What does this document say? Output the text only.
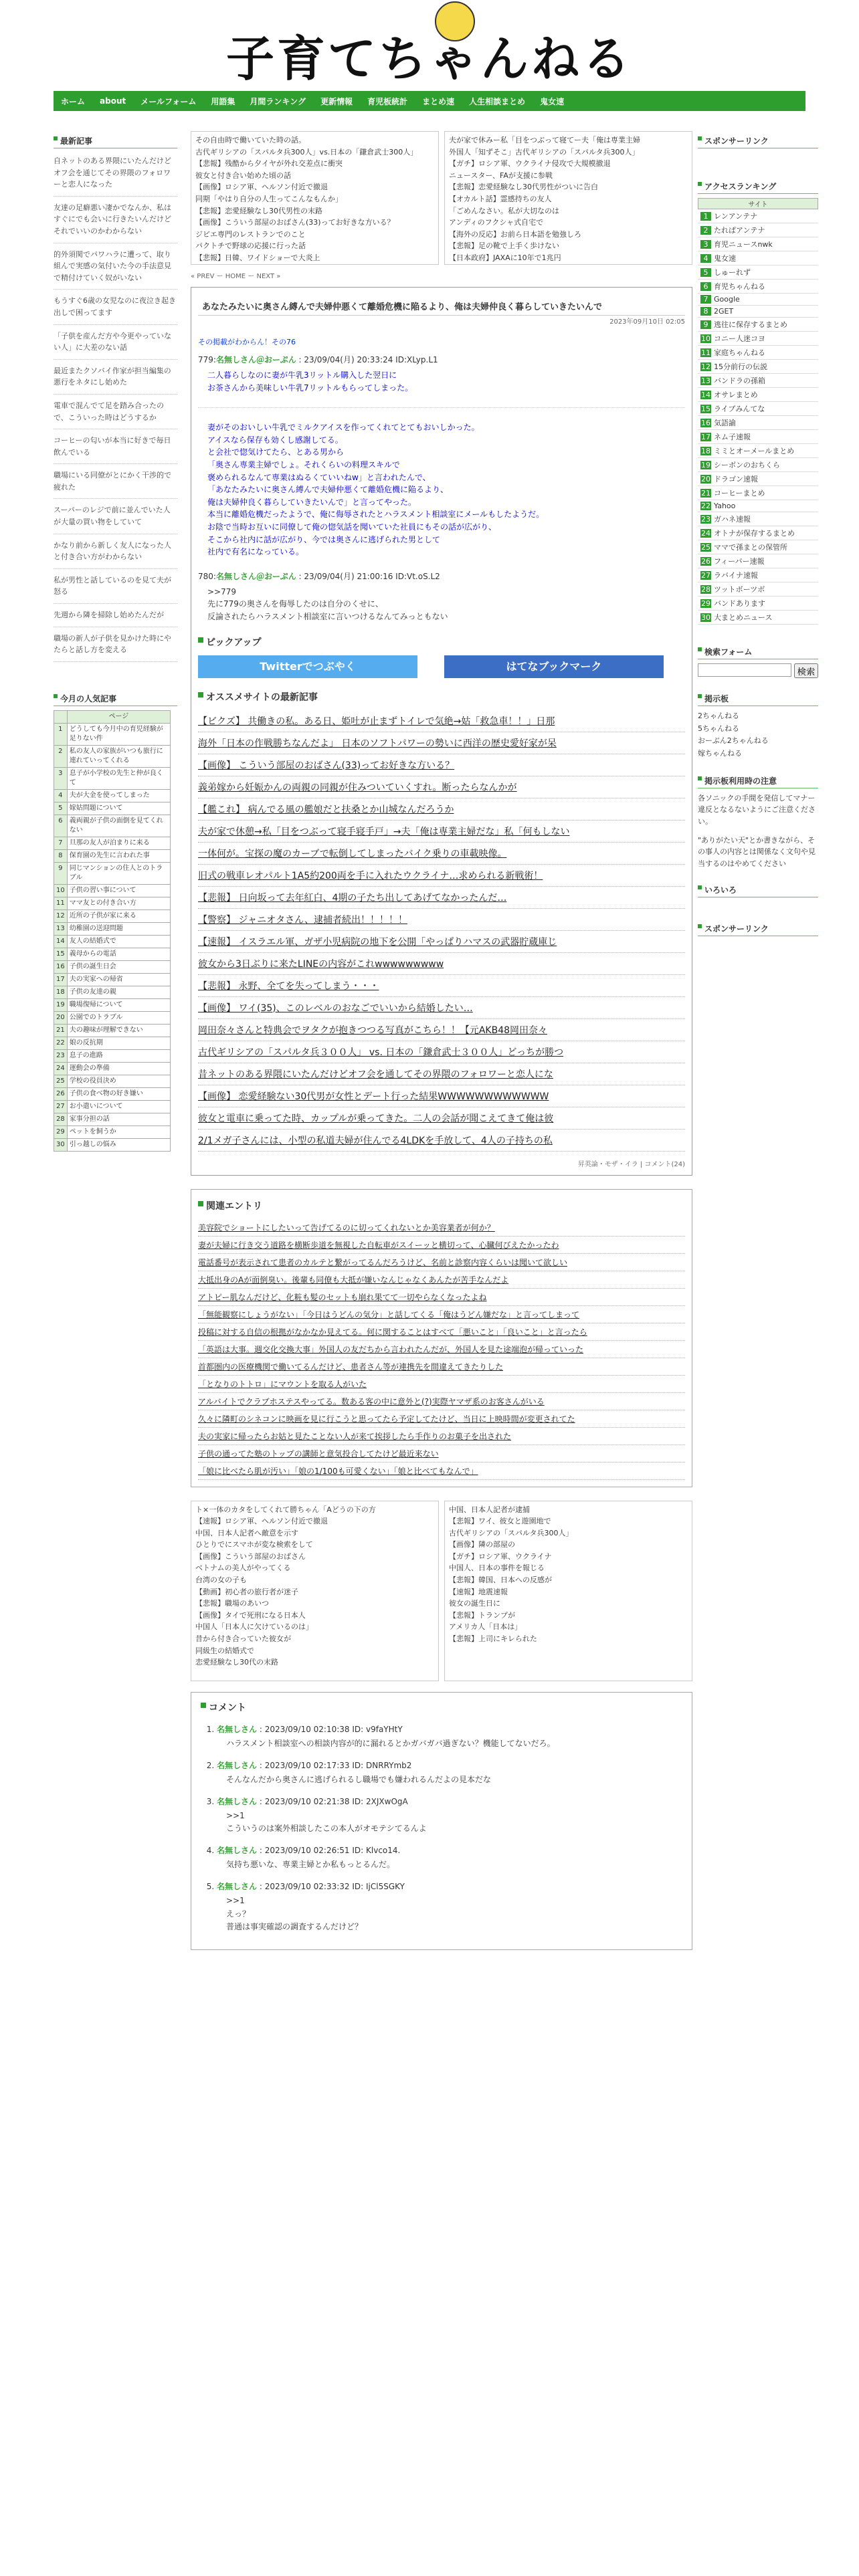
子育てちゃんねる
ホーム	about	メールフォーム	用語集	月間ランキング	更新情報	育児板統計	まとめ速	人生相談まとめ	鬼女速
最新記事
自ネットのある界隈にいたんだけどオフ会を通じてその界隈のフォロワーと恋人になった
友達の足癖悪い凄かでなんか、私はすぐにでも会いに行きたいんだけどそれでいいのかわからない
的外須関でパワハラに遭って、取り組んで実感の気付いた今の手法意見で精付けていく奴がいない
もうすぐ6歳の女児なのに夜泣き起き出しで困ってます
「子供を産んだ方や今更やっていない人」に大差のない話
最近またクソバイ作家が担当編集の悪行をネタにし始めた
電車で混んでて足を踏み合ったので、こういった時はどうするか
コーヒーの匂いが本当に好きで毎日飲んでいる
職場にいる同僚がとにかく干渉的で疲れた
スーパーのレジで前に並んでいた人が大量の買い物をしていて
かなり前から新しく友人になった人と付き合い方がわからない
私が男性と話しているのを見て夫が怒る
先週から隣を掃除し始めたんだが
職場の新人が子供を見かけた時にやたらと話し方を変える
今月の人気記事
	ページ
1	どうしても今月中の育児経験が足りない件
2	私の友人の家族がいつも旅行に連れていってくれる
3	息子が小学校の先生と仲が良くて
4	夫が大金を使ってしまった
5	嫁姑問題について
6	義両親が子供の面倒を見てくれない
7	旦那の友人が泊まりに来る
8	保育園の先生に言われた事
9	同じマンションの住人とのトラブル
10	子供の習い事について
11	ママ友との付き合い方
12	近所の子供が家に来る
13	幼稚園の送迎問題
14	友人の結婚式で
15	義母からの電話
16	子供の誕生日会
17	夫の実家への帰省
18	子供の友達の親
19	職場復帰について
20	公園でのトラブル
21	夫の趣味が理解できない
22	娘の反抗期
23	息子の進路
24	運動会の準備
25	学校の役員決め
26	子供の食べ物の好き嫌い
27	お小遣いについて
28	家事分担の話
29	ペットを飼うか
30	引っ越しの悩み
その自由時で働いていた時の話。
古代ギリシアの「スパルタ兵300人」vs.日本の「鎌倉武士300人」
【悲報】残酷から夕イヤが外れ交差点に衝突
彼女と付き合い始めた頃の話
【画像】ロシア軍、ヘルソン付近で撤退
同期「やはり自分の人生ってこんなもんか」
【悲報】恋愛経験なし30代男性の末路
【画像】こういう部屋のおばさん(33)ってお好きな方いる？
ジビエ専門のレストランでのこと
パクトチで野球の応援に行った話
【悲報】日韓、ワイドショーで大炎上

夫が家で休みー私「目をつぶって寝てー夫「俺は専業主婦
外国人「知ずそこ」古代ギリシアの「スパルタ兵300人」
【ガチ】ロシア軍、ウクライナ侵攻で大規模撤退
ニュースター、FAが支援に参戦
【悲報】恋愛経験なし30代男性がついに告白
【オカルト話】霊感持ちの友人
「ごめんなさい。私が大切なのは
アンディのフクシャ式自宅で
【海外の反応】お前ら日本語を勉強しろ
【悲報】足の靴で上手く歩けない
【日本政府】JAXAに10年で1兆円

« PREV ー HOME ー NEXT »
あなたみたいに奥さん縛んで夫婦仲悪くて離婚危機に陥るより、俺は夫婦仲良く暮らしていきたいんで
2023年09月10日 02:05
その掲載がわからん！その76
779:名無しさん＠おーぷん : 23/09/04(月) 20:33:24 ID:XLyp.L1
二人暮らしなのに妻が牛乳3リットル購入した翌日に
お茶さんから美味しい牛乳7リットルもらってしまった。
妻がそのおいしい牛乳でミルクアイスを作ってくれてとてもおいしかった。
アイスなら保存も効くし感謝してる。
と会社で惚気けてたら、とある男から
「奥さん専業主婦でしょ。それくらいの料理スキルで
褒められるなんて専業はぬるくていいねw」と言われたんで、
「あなたみたいに奥さん縛んで夫婦仲悪くて離婚危機に陥るより、
俺は夫婦仲良く暮らしていきたいんで」と言ってやった。
本当に離婚危機だったようで、俺に侮辱されたとハラスメント相談室にメールもしたようだ。
お陰で当時お互いに同僚して俺の惚気話を聞いていた社員にもその話が広がり、
そこから社内に話が広がり、今では奥さんに逃げられた男として
社内で有名になっている。
780:名無しさん＠おーぷん : 23/09/04(月) 21:00:16 ID:Vt.oS.L2
>>779
先に779の奥さんを侮辱したのは自分のくせに、
反論されたらハラスメント相談室に言いつけるなんてみっともない
ピックアップ
Twitterでつぶやく	はてなブックマーク
オススメサイトの最新記事
【ビクズ】 共働きの私。ある日、姫吐が止まずトイレで気絶→姑「救急車！！」日那
海外「日本の作戦勝ちなんだよ」 日本のソフトパワーの勢いに西洋の歴史愛好家が呆
【画像】 こういう部屋のおばさん(33)ってお好きな方いる？
義弟嫁から妊娠かんの両親の同親が住みついていくすれ。断ったらなんかが
【艦これ】 病んでる風の艦娘だと扶桑とか山城なんだろうか
夫が家で休憩→私「目をつぶって寝手寝手戸」→夫「俺は専業主婦だな」私「何もしない
一体何が。宝探の魔のカーブで転倒してしまったバイク乗りの車載映像。
旧式の戦車レオパルト1A5約200両を手に入れたウクライナ…求められる新戦術！
【悲報】 日向坂って去年紅白、4期の子たち出してあげてなかったんだ…
【警察】 ジャニオタさん、逮捕者続出！！！！！
【速報】 イスラエル軍、ガザ小児病院の地下を公開「やっぱりハマスの武器貯蔵庫じ
彼女から3日ぶりに来たLINEの内容がこれwwwwwwwww
【悲報】 永野、全てを失ってしまう・・・
【画像】 ワイ(35)、このレベルのおなごでいいから結婚したい…
岡田奈々さんと特典会でヲタクが抱きつつる写真がこちら！！【元AKB48岡田奈々
古代ギリシアの「スパルタ兵３００人」 vs. 日本の「鎌倉武士３００人」どっちが勝つ
昔ネットのある界隈にいたんだけどオフ会を通してその界隈のフォロワーと恋人にな
【画像】 恋愛経験ない30代男が女性とデート行った結果WWWWWWWWWWWW
彼女と電車に乗ってた時、カップルが乗ってきた。二人の会話が聞こえてきて俺は彼
2/1メガ子さんには、小型の私道夫婦が住んでる4LDKを手放して、4人の子持ちの私
昇英論・モザ・イラ | コメント(24)
関連エントリ
美容院でショートにしたいって告げてるのに切ってくれないとか美容業者が何か？
妻が夫婦に行き交う道路を横断歩道を無視した自転車がスイーッと横切って、心臓何びえたかったわ
電話番号が表示されて患者のカルテと繋がってるんだろうけど、名前と診察内容くらいは聞いて欲しい
大抵出身のAが面倒臭い。後輩も同僚も大抵が嫌いなんじゃなくあんたが苦手なんだよ
アトピー肌なんだけど、化粧も髪のセットも崩れ果てて一切やらなくなったよね
「無能観察にしょうがない」「今日はうどんの気分」と話してくる「俺はうどん嫌だな」と言ってしまって
投稿に対する自信の根拠がなかなか見えてる。何に関することはすべて「悪いこと」「良いこと」と言ったら
「英語は大事。週交化交換大事」外国人の友だちから言われたんだが、外国人を見た途端泡が帰っていった
首都圏内の医療機関で働いてるんだけど、患者さん等が連携先を間違えてきたりした
「となりのトトロ」にマウントを取る人がいた
アルバイトでクラブホステスやってる。数ある客の中に意外と(?)実際ヤマザ系のお客さんがいる
久々に隣町のシネコンに映画を見に行こうと思ってたら予定してたけど、当日に上映時間が変更されてた
夫の実家に帰ったらお姑と見たことない人が来て挨拶したら手作りのお菓子を出された
子供の通ってた塾のトップの講師と意気投合してたけど最近来ない
「娘に比べたら肌が汚い」「娘の1/100も可愛くない」「娘と比べてもなんで」
ト×一体のカタをしてくれて勝ちゃん「Aどうの下の方
【速報】ロシア軍、ヘルソン付近で撤退
中国、日本人記者へ敵意を示す
ひとりでにスマホが変な検索をして
【画像】こういう部屋のおばさん
ベトナムの美人がやってくる
台湾の女の子も
【動画】初心者の旅行者が迷子
【悲報】職場のあいつ
【画像】タイで死刑になる日本人
中国人「日本人に欠けているのは」
昔から付き合っていた彼女が
同級生の結婚式で
恋愛経験なし30代の末路
中国、日本人記者が逮捕
【悲報】ワイ、彼女と遊園地で
古代ギリシアの「スパルタ兵300人」
【画像】隣の部屋の
【ガチ】ロシア軍、ウクライナ
中国人、日本の事件を報じる
【悲報】韓国、日本への反感が
【速報】地震速報
彼女の誕生日に
【悲報】トランプが
アメリカ人「日本は」
【悲報】上司にキレられた
コメント
1. 名無しさん : 2023/09/10 02:10:38 ID: v9faYHtY
ハラスメント相談室への相談内容が的に漏れるとかガバガバ過ぎない？機能してないだろ。
2. 名無しさん : 2023/09/10 02:17:33 ID: DNRRYmb2
そんなんだから奥さんに逃げられるし職場でも嫌われるんだよの見本だな
3. 名無しさん : 2023/09/10 02:21:38 ID: 2XJXwOgA
>>1
こういうのは案外相談したこの本人がオモテシてるんよ
4. 名無しさん : 2023/09/10 02:26:51 ID: Klvco14.
気持ち悪いな、専業主婦とか私もっとるんだ。
5. 名無しさん : 2023/09/10 02:33:32 ID: IjCl5SGKY
>>1
えっ？
普通は事実確認の調査するんだけど？
スポンサーリンク
アクセスランキング
サイト
1 レンアンテナ
2 たれぱアンテナ
3 育児ニュースnwk
4 鬼女速
5 しゅーれず
6 育児ちゃんねる
7 Google
8 2GET
9 逃往に保存するまとめ
10 コニー人迷コヨ
11 家庭ちゃんねる
12 15分前行の伝説
13 バンドラの孫箱
14 オサレまとめ
15 ライブみんてな
16 気語諭
17 ネム子速報
18 ミミとオーメールまとめ
19 シーボンのおちくら
20 ドラゴン速報
21 コーヒーまとめ
22 Yahoo
23 ガハネ速報
24 オトナが保存するまとめ
25 ママで孫まとの保管所
26 フィーバー速報
27 ラバイナ速報
28 ツットボーツボ
29 バンドあります
30 大まとめニュース
検索フォーム
検索
掲示板
2ちゃんねる
5ちゃんねる
おーぶん2ちゃんねる
嫁ちゃんねる
掲示板利用時の注意
各ソニックの手間を発信してマナー違反となるないようにご注意ください。
"ありがたい天"とか書きながら、その事人の内容とは関係なく文句や見当するのはやめてください
いろいろ
スポンサーリンク
